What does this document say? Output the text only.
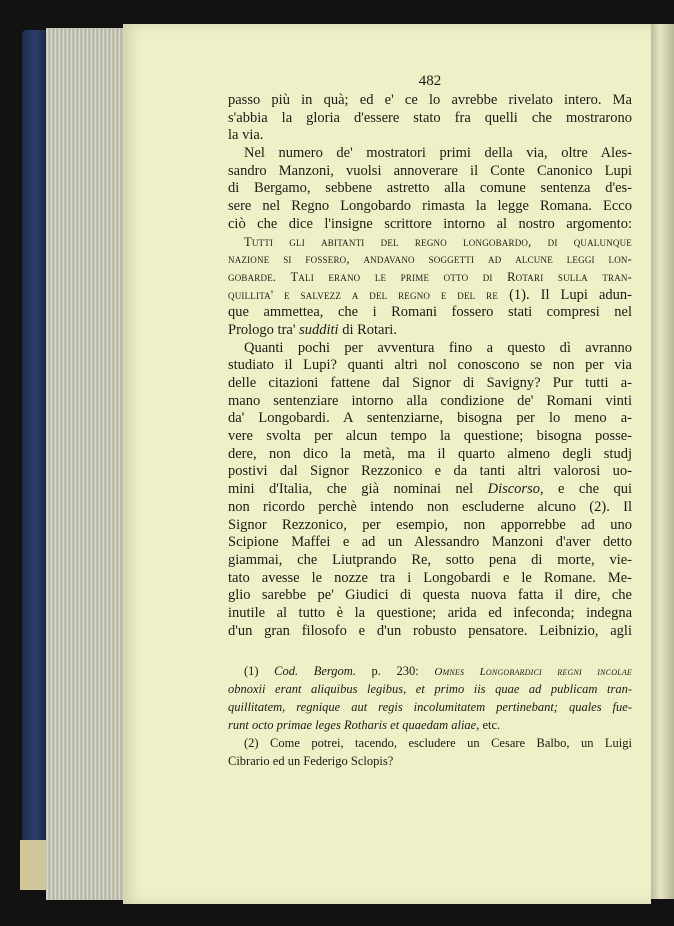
482
passo più in quà; ed e' ce lo avrebbe rivelato intero. Ma
s'abbia la gloria d'essere stato fra quelli che mostrarono
la via.
Nel numero de' mostratori primi della via, oltre Ales-
sandro Manzoni, vuolsi annoverare il Conte Canonico Lupi
di Bergamo, sebbene astretto alla comune sentenza d'es-
sere nel Regno Longobardo rimasta la legge Romana. Ecco
ciò che dice l'insigne scrittore intorno al nostro argomento:
Tutti gli abitanti del regno longobardo, di qualunque
nazione si fossero, andavano soggetti ad alcune leggi lon-
gobarde. Tali erano le prime otto di Rotari sulla tran-
quillita' e salvezz a del regno e del re (1). Il Lupi adun-
que ammettea, che i Romani fossero stati compresi nel
Prologo tra' sudditi di Rotari.
Quanti pochi per avventura fino a questo dì avranno
studiato il Lupi? quanti altri nol conoscono se non per via
delle citazioni fattene dal Signor di Savigny? Pur tutti a-
mano sentenziare intorno alla condizione de' Romani vinti
da' Longobardi. A sentenziarne, bisogna per lo meno a-
vere svolta per alcun tempo la questione; bisogna posse-
dere, non dico la metà, ma il quarto almeno degli studj
postivi dal Signor Rezzonico e da tanti altri valorosi uo-
mini d'Italia, che già nominai nel Discorso, e che qui
non ricordo perchè intendo non escluderne alcuno (2). Il
Signor Rezzonico, per esempio, non apporrebbe ad uno
Scipione Maffei e ad un Alessandro Manzoni d'aver detto
giammai, che Liutprando Re, sotto pena di morte, vie-
tato avesse le nozze tra i Longobardi e le Romane. Me-
glio sarebbe pe' Giudici di questa nuova fatta il dire, che
inutile al tutto è la questione; arida ed infeconda; indegna
d'un gran filosofo e d'un robusto pensatore. Leibnizio, agli
(1) Cod. Bergom. p. 230: Omnes Longobardici regni incolae
obnoxii erant aliquibus legibus, et primo iis quae ad publicam tran-
quillitatem, regnique aut regis incolumitatem pertinebant; quales fue-
runt octo primae leges Rotharis et quaedam aliae, etc.
(2) Come potrei, tacendo, escludere un Cesare Balbo, un Luigi
Cibrario ed un Federigo Sclopis?
